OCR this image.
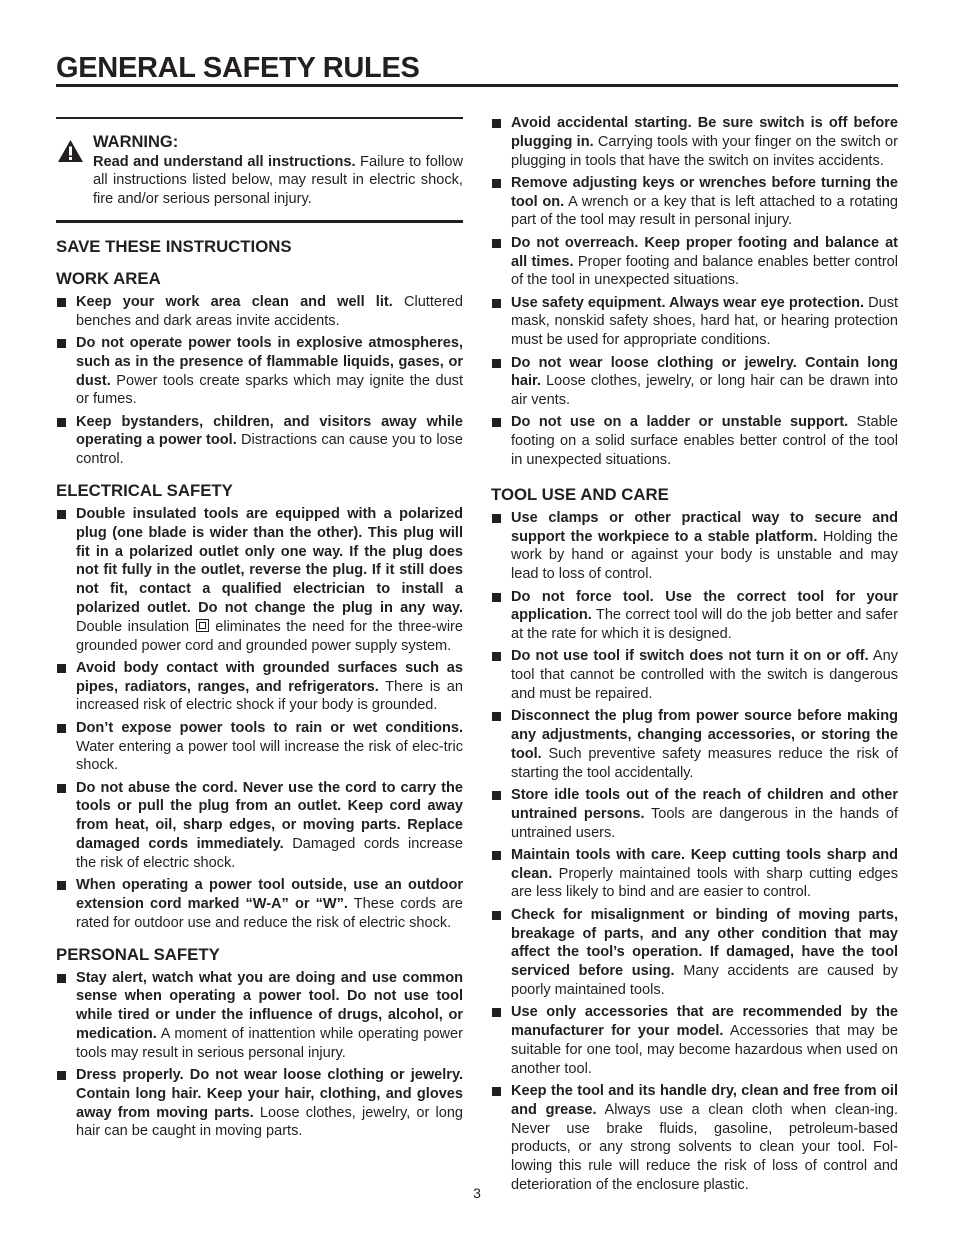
GENERAL SAFETY RULES
WARNING:
Read and understand all instructions. Failure to follow all instructions listed below, may result in electric shock, fire and/or serious personal injury.
SAVE THESE INSTRUCTIONS
WORK AREA
Keep your work area clean and well lit. Cluttered benches and dark areas invite accidents.
Do not operate power tools in explosive atmospheres, such as in the presence of flammable liquids, gases, or dust. Power tools create sparks which may ignite the dust or fumes.
Keep bystanders, children, and visitors away while operating a power tool. Distractions can cause you to lose control.
ELECTRICAL SAFETY
Double insulated tools are equipped with a polarized plug (one blade is wider than the other). This plug will fit in a polarized outlet only one way. If the plug does not fit fully in the outlet, reverse the plug. If it still does not fit, contact a qualified electrician to install a polarized outlet. Do not change the plug in any way. Double insulation  eliminates the need for the three-wire grounded power cord and grounded power supply system.
Avoid body contact with grounded surfaces such as pipes, radiators, ranges, and refrigerators. There is an increased risk of electric shock if your body is grounded.
Don’t expose power tools to rain or wet conditions. Water entering a power tool will increase the risk of elec-tric shock.
Do not abuse the cord. Never use the cord to carry the tools or pull the plug from an outlet. Keep cord away from heat, oil, sharp edges, or moving parts. Replace damaged cords immediately. Damaged cords increase the risk of electric shock.
When operating a power tool outside, use an outdoor extension cord marked “W-A” or “W”. These cords are rated for outdoor use and reduce the risk of electric shock.
PERSONAL SAFETY
Stay alert, watch what you are doing and use common sense when operating a power tool. Do not use tool while tired or under the influence of drugs, alcohol, or medication. A moment of inattention while operating power tools may result in serious personal injury.
Dress properly. Do not wear loose clothing or jewelry. Contain long hair. Keep your hair, clothing, and gloves away from moving parts. Loose clothes, jewelry, or long hair can be caught in moving parts.
Avoid accidental starting. Be sure switch is off before plugging in. Carrying tools with your finger on the switch or plugging in tools that have the switch on invites accidents.
Remove adjusting keys or wrenches before turning the tool on. A wrench or a key that is left attached to a rotating part of the tool may result in personal injury.
Do not overreach. Keep proper footing and balance at all times. Proper footing and balance enables better control of the tool in unexpected situations.
Use safety equipment. Always wear eye protection. Dust mask, nonskid safety shoes, hard hat, or hearing protection must be used for appropriate conditions.
Do not wear loose clothing or jewelry. Contain long hair. Loose clothes, jewelry, or long hair can be drawn into air vents.
Do not use on a ladder or unstable support. Stable footing on a solid surface enables better control of the tool in unexpected situations.
TOOL USE AND CARE
Use clamps or other practical way to secure and support the workpiece to a stable platform. Holding the work by hand or against your body is unstable and may lead to loss of control.
Do not force tool. Use the correct tool for your application. The correct tool will do the job better and safer at the rate for which it is designed.
Do not use tool if switch does not turn it on or off. Any tool that cannot be controlled with the switch is dangerous and must be repaired.
Disconnect the plug from power source before making any adjustments, changing accessories, or storing the tool. Such preventive safety measures reduce the risk of starting the tool accidentally.
Store idle tools out of the reach of children and other untrained persons. Tools are dangerous in the hands of untrained users.
Maintain tools with care. Keep cutting tools sharp and clean. Properly maintained tools with sharp cutting edges are less likely to bind and are easier to control.
Check for misalignment or binding of moving parts, breakage of parts, and any other condition that may affect the tool’s operation. If damaged, have the tool serviced before using. Many accidents are caused by poorly maintained tools.
Use only accessories that are recommended by the manufacturer for your model. Accessories that may be suitable for one tool, may become hazardous when used on another tool.
Keep the tool and its handle dry, clean and free from oil and grease. Always use a clean cloth when clean-ing. Never use brake fluids, gasoline, petroleum-based products, or any strong solvents to clean your tool. Fol-lowing this rule will reduce the risk of loss of control and deterioration of the enclosure plastic.
3
